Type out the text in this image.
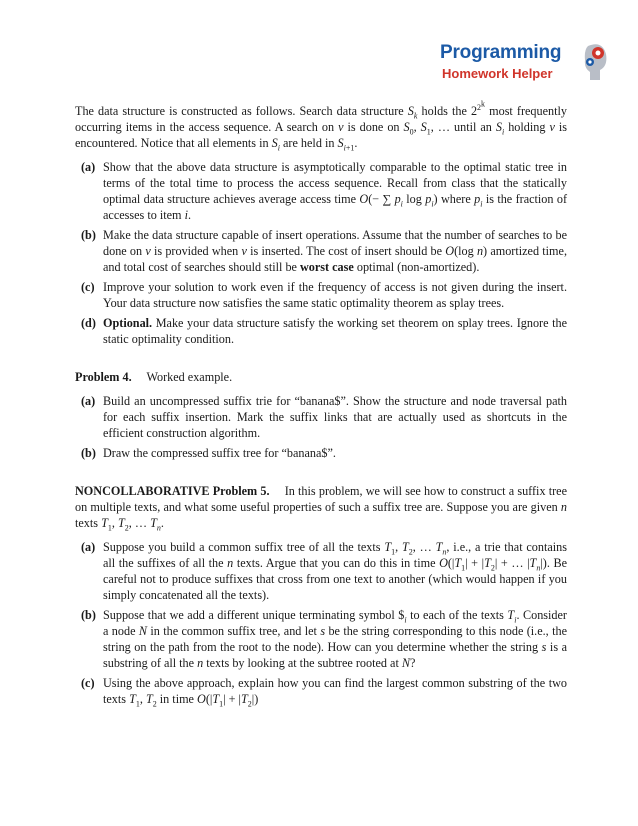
Programming
Homework Helper

The data structure is constructed as follows. Search data structure $S_k$ holds the $2^{2^k}$ most frequently occurring items in the access sequence. A search on v is done on $S_0$, $S_1$, … until an $S_i$ holding v is encountered. Notice that all elements in $S_i$ are held in $S_{i+1}$.

(a) Show that the above data structure is asymptotically comparable to the optimal static tree in terms of the total time to process the access sequence. Recall from class that the statically optimal data structure achieves average access time O(− ∑ $p_i$ $\log p_i$) where $p_i$ is the fraction of accesses to item i.
(b) Make the data structure capable of insert operations. Assume that the number of searches to be done on v is provided when v is inserted. The cost of insert should be O(log n) amortized time, and total cost of searches should still be worst case optimal (non-amortized).
(c) Improve your solution to work even if the frequency of access is not given during the insert. Your data structure now satisfies the same static optimality theorem as splay trees.
(d) Optional. Make your data structure satisfy the working set theorem on splay trees. Ignore the static optimality condition.

Problem 4. Worked example.

(a) Build an uncompressed suffix trie for “banana$”. Show the structure and node traversal path for each suffix insertion. Mark the suffix links that are actually used as shortcuts in the efficient construction algorithm.
(b) Draw the compressed suffix tree for “banana$”.

NONCOLLABORATIVE Problem 5. In this problem, we will see how to construct a suffix tree on multiple texts, and what some useful properties of such a suffix tree are. Suppose you are given n texts $T_1$, $T_2$, … $T_n$.

(a) Suppose you build a common suffix tree of all the texts $T_1$, $T_2$, … $T_n$, i.e., a trie that contains all the suffixes of all the n texts. Argue that you can do this in time $O(|T_1| + |T_2|$ + … $|T_n|$). Be careful not to produce suffixes that cross from one text to another (which would happen if you simply concatenated all the texts).
(b) Suppose that we add a different unique terminating symbol $\$_i$ to each of the texts $T_i$. Consider a node N in the common suffix tree, and let s be the string corresponding to this node (i.e., the string on the path from the root to the node). How can you determine whether the string s is a substring of all the n texts by looking at the subtree rooted at N?
(c) Using the above approach, explain how you can find the largest common substring of the two texts $T_1$, $T_2$ in time $O(|T_1| + |T_2|)$
